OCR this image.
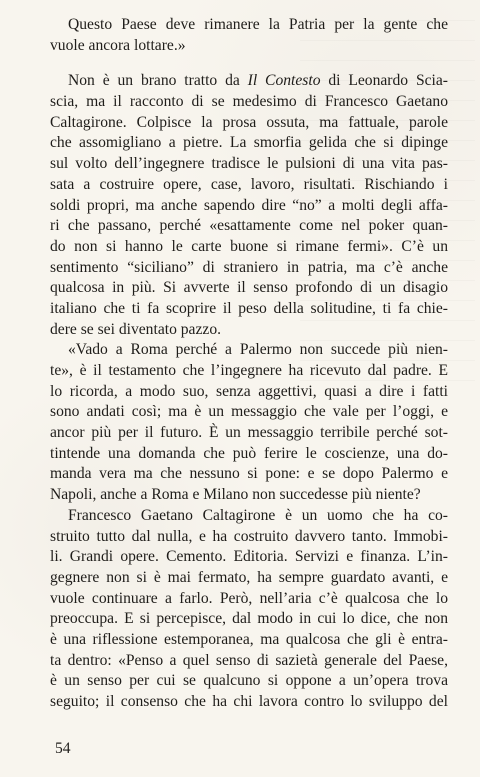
Questo Paese deve rimanere la Patria per la gente che
vuole ancora lottare.»
Non è un brano tratto da Il Contesto di Leonardo Scia-
scia, ma il racconto di se medesimo di Francesco Gaetano
Caltagirone. Colpisce la prosa ossuta, ma fattuale, parole
che assomigliano a pietre. La smorfia gelida che si dipinge
sul volto dell’ingegnere tradisce le pulsioni di una vita pas-
sata a costruire opere, case, lavoro, risultati. Rischiando i
soldi propri, ma anche sapendo dire “no” a molti degli affa-
ri che passano, perché «esattamente come nel poker quan-
do non si hanno le carte buone si rimane fermi». C’è un
sentimento “siciliano” di straniero in patria, ma c’è anche
qualcosa in più. Si avverte il senso profondo di un disagio
italiano che ti fa scoprire il peso della solitudine, ti fa chie-
dere se sei diventato pazzo.
«Vado a Roma perché a Palermo non succede più nien-
te», è il testamento che l’ingegnere ha ricevuto dal padre. E
lo ricorda, a modo suo, senza aggettivi, quasi a dire i fatti
sono andati così; ma è un messaggio che vale per l’oggi, e
ancor più per il futuro. È un messaggio terribile perché sot-
tintende una domanda che può ferire le coscienze, una do-
manda vera ma che nessuno si pone: e se dopo Palermo e
Napoli, anche a Roma e Milano non succedesse più niente?
Francesco Gaetano Caltagirone è un uomo che ha co-
struito tutto dal nulla, e ha costruito davvero tanto. Immobi-
li. Grandi opere. Cemento. Editoria. Servizi e finanza. L’in-
gegnere non si è mai fermato, ha sempre guardato avanti, e
vuole continuare a farlo. Però, nell’aria c’è qualcosa che lo
preoccupa. E si percepisce, dal modo in cui lo dice, che non
è una riflessione estemporanea, ma qualcosa che gli è entra-
ta dentro: «Penso a quel senso di sazietà generale del Paese,
è un senso per cui se qualcuno si oppone a un’opera trova
seguito; il consenso che ha chi lavora contro lo sviluppo del
54
